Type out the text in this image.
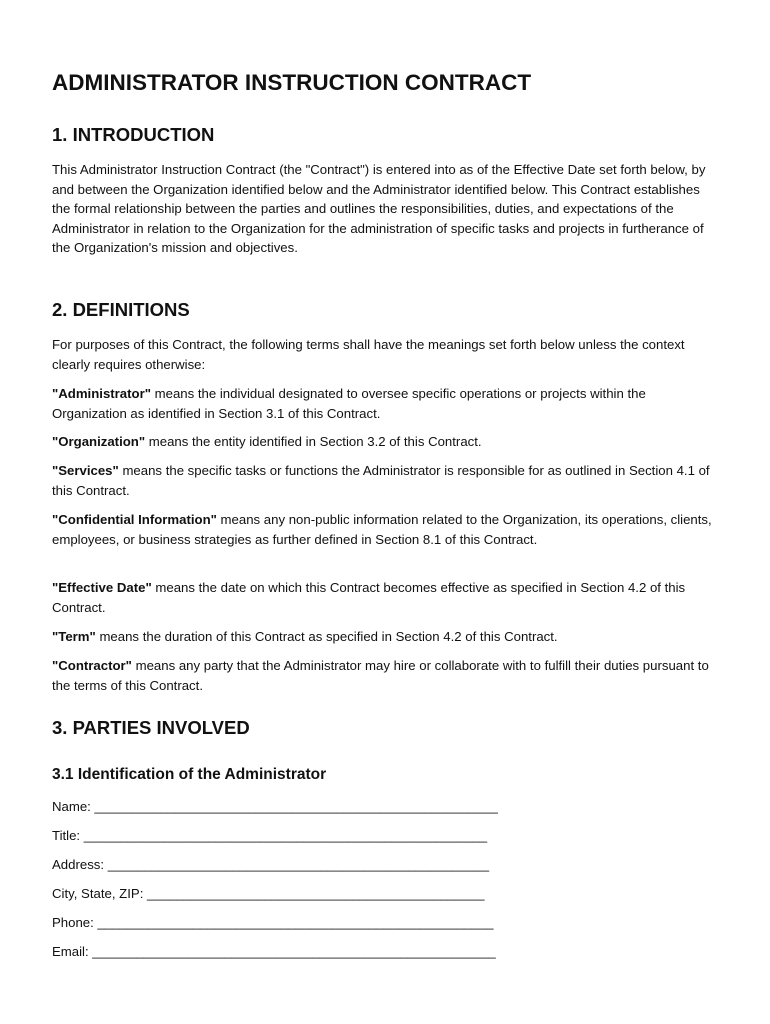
ADMINISTRATOR INSTRUCTION CONTRACT
1. INTRODUCTION

This Administrator Instruction Contract (the "Contract") is entered into as of the Effective Date set forth below, by and between the Organization identified below and the Administrator identified below. This Contract establishes the formal relationship between the parties and outlines the responsibilities, duties, and expectations of the Administrator in relation to the Organization for the administration of specific tasks and projects in furtherance of the Organization's mission and objectives.

2. DEFINITIONS

For purposes of this Contract, the following terms shall have the meanings set forth below unless the context clearly requires otherwise:

"Administrator" means the individual designated to oversee specific operations or projects within the Organization as identified in Section 3.1 of this Contract.

"Organization" means the entity identified in Section 3.2 of this Contract.

"Services" means the specific tasks or functions the Administrator is responsible for as outlined in Section 4.1 of this Contract.

"Confidential Information" means any non-public information related to the Organization, its operations, clients, employees, or business strategies as further defined in Section 8.1 of this Contract.

"Effective Date" means the date on which this Contract becomes effective as specified in Section 4.2 of this Contract.

"Term" means the duration of this Contract as specified in Section 4.2 of this Contract.

"Contractor" means any party that the Administrator may hire or collaborate with to fulfill their duties pursuant to the terms of this Contract.

3. PARTIES INVOLVED
3.1 Identification of the Administrator

Name: _______________________________________________________

Title: _______________________________________________________

Address: ____________________________________________________

City, State, ZIP: ______________________________________________

Phone: ______________________________________________________

Email: _______________________________________________________
